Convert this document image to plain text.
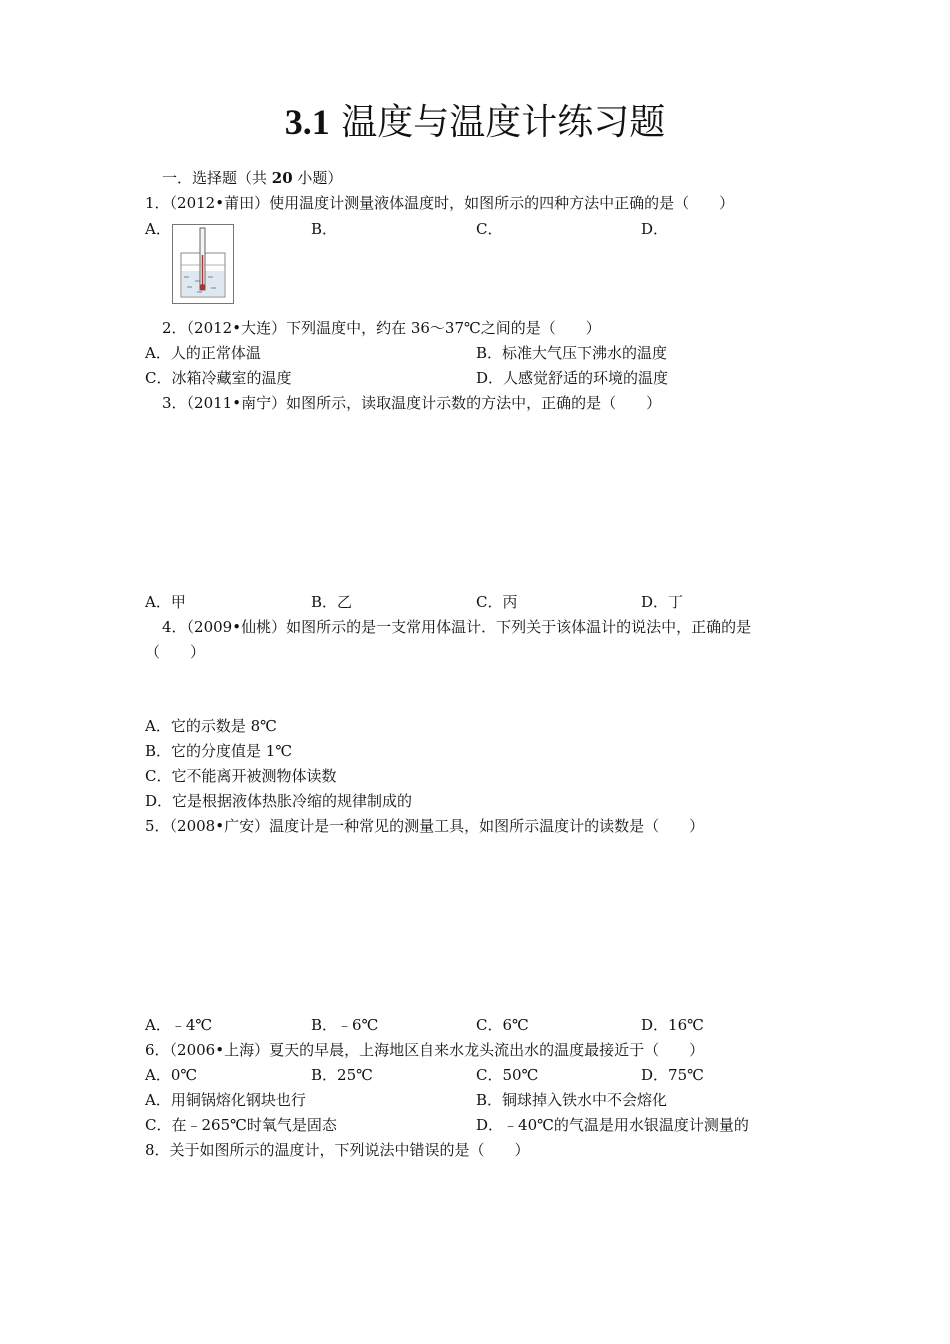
3.1 温度与温度计练习题
一．选择题（共 20 小题）
1．（2012•莆田）使用温度计测量液体温度时，如图所示的四种方法中正确的是（　　）
A．	B．	C．	D．
2．（2012•大连）下列温度中，约在 36～37℃之间的是（　　）
A．人的正常体温	B．标准大气压下沸水的温度
C．冰箱冷藏室的温度	D．人感觉舒适的环境的温度
3．（2011•南宁）如图所示，读取温度计示数的方法中，正确的是（　　）
A．甲	B．乙	C．丙	D．丁
4．（2009•仙桃）如图所示的是一支常用体温计．下列关于该体温计的说法中，正确的是
（　　）
A．它的示数是 8℃
B．它的分度值是 1℃
C．它不能离开被测物体读数
D．它是根据液体热胀冷缩的规律制成的
5．（2008•广安）温度计是一种常见的测量工具，如图所示温度计的读数是（　　）
A．﹣4℃	B．﹣6℃	C．6℃	D．16℃
6．（2006•上海）夏天的早晨，上海地区自来水龙头流出水的温度最接近于（　　）
A．0℃	B．25℃	C．50℃	D．75℃
A．用铜锅熔化钢块也行	B．铜球掉入铁水中不会熔化
C．在﹣265℃时氧气是固态	D．﹣40℃的气温是用水银温度计测量的
8．关于如图所示的温度计，下列说法中错误的是（　　）
